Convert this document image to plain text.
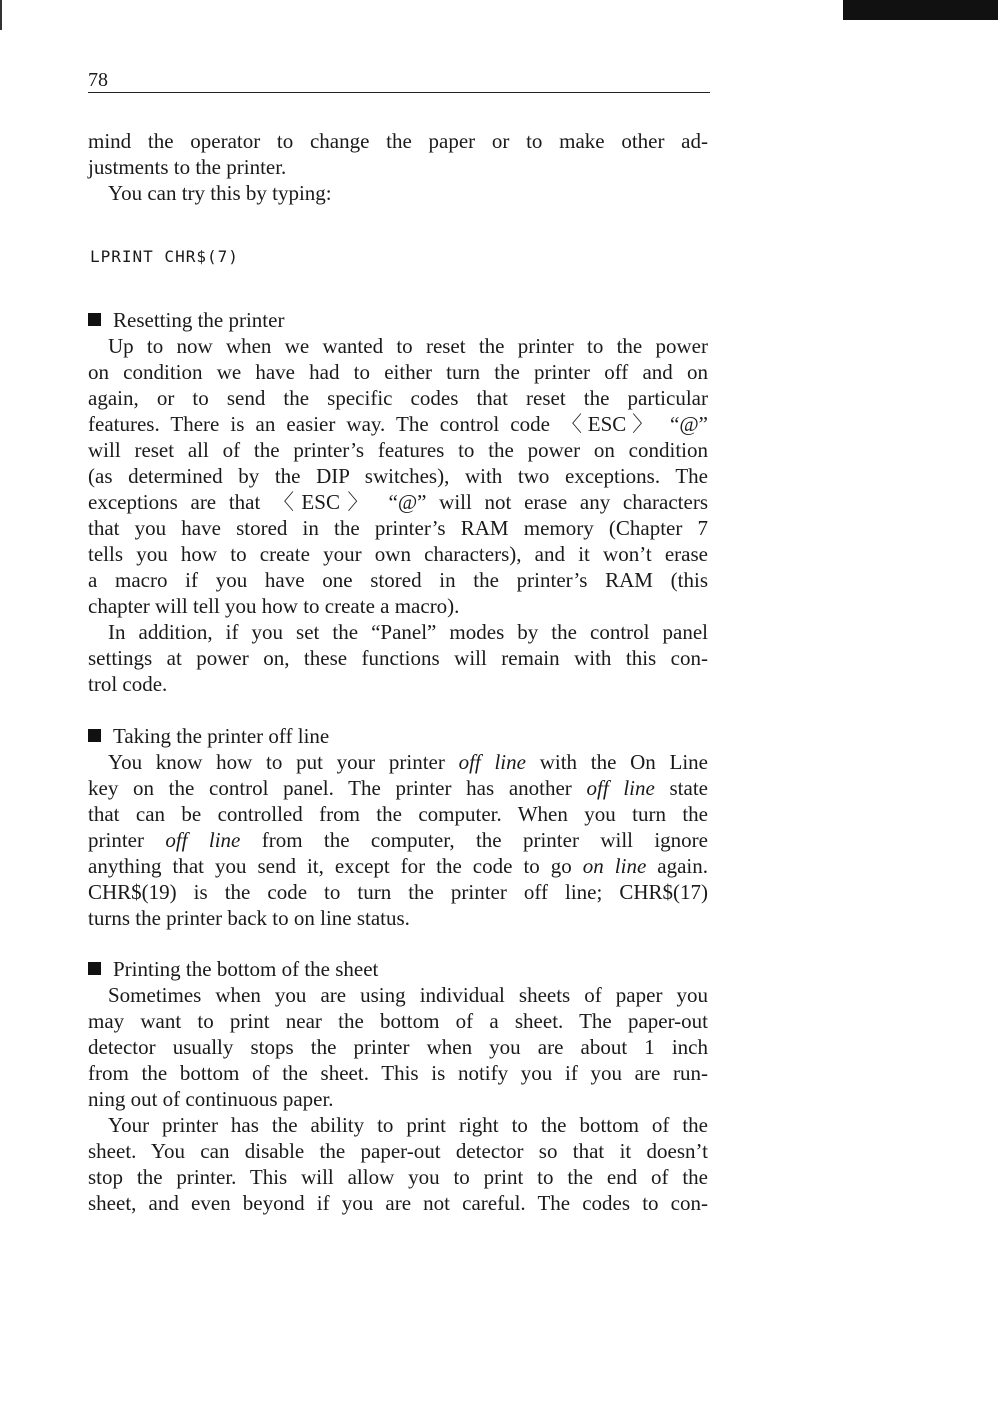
78
mind the operator to change the paper or to make other ad-
justments to the printer.
You can try this by typing:
LPRINT CHR$(7)
Resetting the printer
Up to now when we wanted to reset the printer to the power
on condition we have had to either turn the printer off and on
again, or to send the specific codes that reset the particular
features. There is an easier way. The control code 〈ESC〉 “@”
will reset all of the printer’s features to the power on condition
(as determined by the DIP switches), with two exceptions. The
exceptions are that 〈ESC〉 “@” will not erase any characters
that you have stored in the printer’s RAM memory (Chapter 7
tells you how to create your own characters), and it won’t erase
a macro if you have one stored in the printer’s RAM (this
chapter will tell you how to create a macro).
In addition, if you set the “Panel” modes by the control panel
settings at power on, these functions will remain with this con-
trol code.
Taking the printer off line
You know how to put your printer off line with the On Line
key on the control panel. The printer has another off line state
that can be controlled from the computer. When you turn the
printer off line from the computer, the printer will ignore
anything that you send it, except for the code to go on line again.
CHR$(19) is the code to turn the printer off line; CHR$(17)
turns the printer back to on line status.
Printing the bottom of the sheet
Sometimes when you are using individual sheets of paper you
may want to print near the bottom of a sheet. The paper-out
detector usually stops the printer when you are about 1 inch
from the bottom of the sheet. This is notify you if you are run-
ning out of continuous paper.
Your printer has the ability to print right to the bottom of the
sheet. You can disable the paper-out detector so that it doesn’t
stop the printer. This will allow you to print to the end of the
sheet, and even beyond if you are not careful. The codes to con-
